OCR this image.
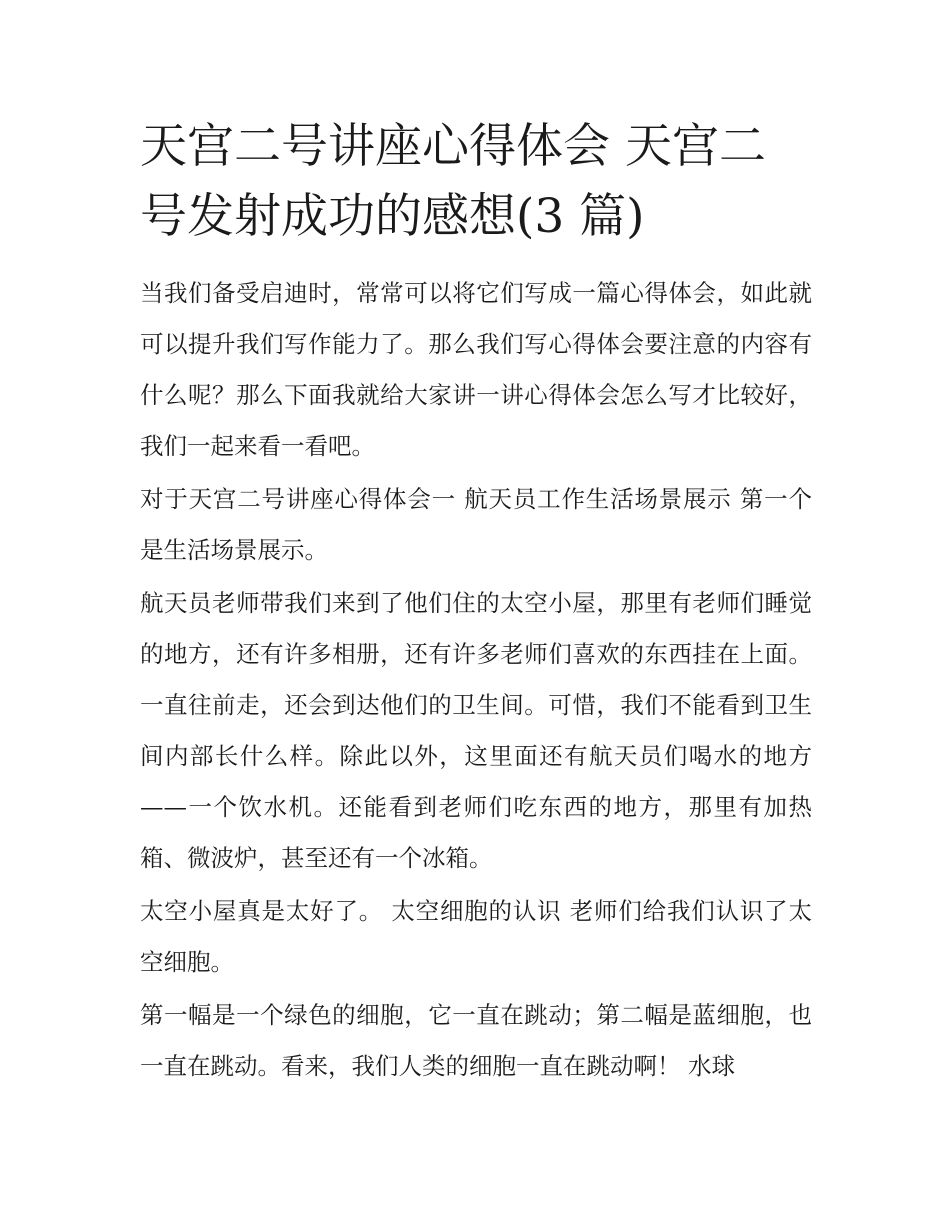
天宫二号讲座心得体会 天宫二号发射成功的感想(3 篇)

当我们备受启迪时，常常可以将它们写成一篇心得体会，如此就可以提升我们写作能力了。那么我们写心得体会要注意的内容有什么呢？那么下面我就给大家讲一讲心得体会怎么写才比较好，我们一起来看一看吧。

对于天宫二号讲座心得体会一 航天员工作生活场景展示 第一个是生活场景展示。

航天员老师带我们来到了他们住的太空小屋，那里有老师们睡觉的地方，还有许多相册，还有许多老师们喜欢的东西挂在上面。一直往前走，还会到达他们的卫生间。可惜，我们不能看到卫生间内部长什么样。除此以外，这里面还有航天员们喝水的地方——一个饮水机。还能看到老师们吃东西的地方，那里有加热箱、微波炉，甚至还有一个冰箱。

太空小屋真是太好了。 太空细胞的认识 老师们给我们认识了太空细胞。

第一幅是一个绿色的细胞，它一直在跳动；第二幅是蓝细胞，也一直在跳动。看来，我们人类的细胞一直在跳动啊！ 水球
